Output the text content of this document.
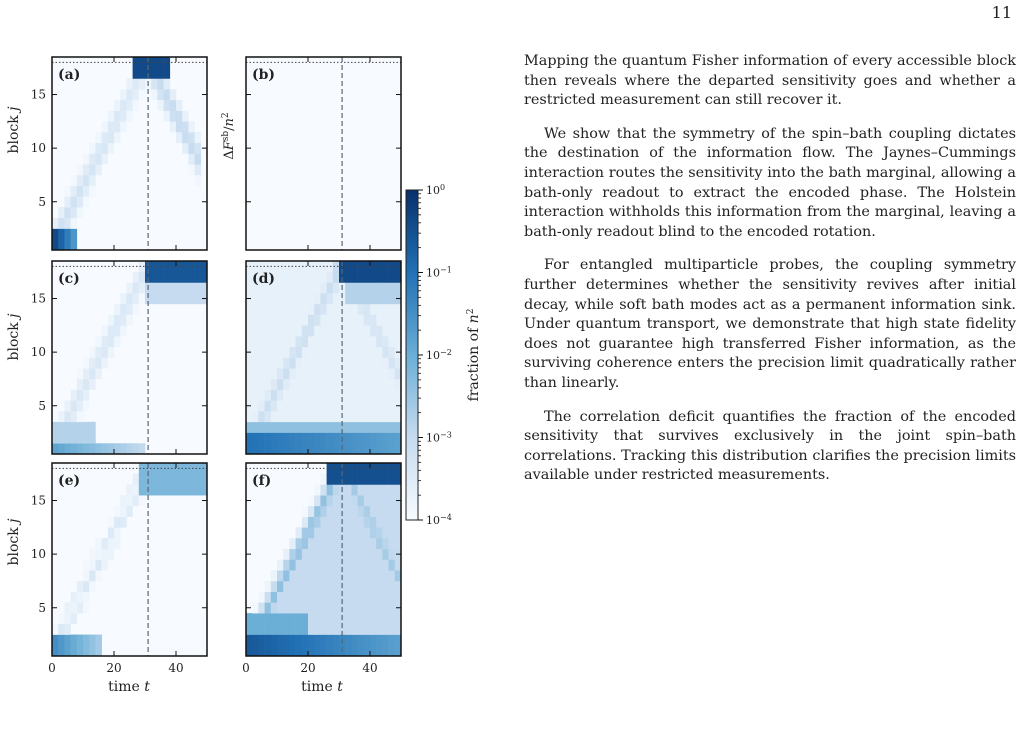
11
(a)
5
10
15
(b)
(c)
5
10
15
(d)
(e)
5
10
15
0	20	40
(f)
0	20	40
block j
block j
block j
$\Delta F^{sb}/n^2$
time t	time t
$10^0$
$10^{-1}$
$10^{-2}$
$10^{-3}$
$10^{-4}$
fraction of $n^2$

Mapping the quantum Fisher information of every accessible block then reveals where the departed sensitivity goes and whether a restricted measurement can still recover it.

We show that the symmetry of the spin–bath coupling dictates the destination of the information flow. The Jaynes–Cummings interaction routes the sensitivity into the bath marginal, allowing a bath-only readout to extract the encoded phase. The Holstein interaction withholds this information from the marginal, leaving a bath-only readout blind to the encoded rotation.

For entangled multiparticle probes, the coupling symmetry further determines whether the sensitivity revives after initial decay, while soft bath modes act as a permanent information sink. Under quantum transport, we demonstrate that high state fidelity does not guarantee high transferred Fisher information, as the surviving coherence enters the precision limit quadratically rather than linearly.

The correlation deficit quantifies the fraction of the encoded sensitivity that survives exclusively in the joint spin–bath correlations. Tracking this distribution clarifies the precision limits available under restricted measurements.
